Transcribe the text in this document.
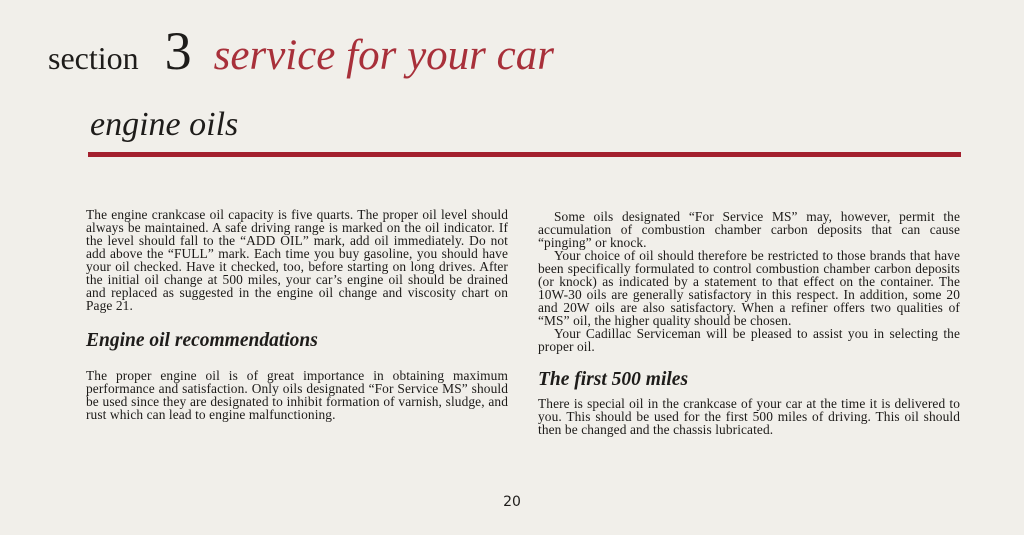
section 3 service for your car
engine oils

The engine crankcase oil capacity is five quarts. The proper oil level should always be maintained. A safe driving range is marked on the oil indicator. If the level should fall to the “ADD OIL” mark, add oil immediately. Do not add above the “FULL” mark. Each time you buy gasoline, you should have your oil checked. Have it checked, too, before starting on long drives. After the initial oil change at 500 miles, your car’s engine oil should be drained and replaced as suggested in the engine oil change and viscosity chart on Page 21.

Engine oil recommendations

The proper engine oil is of great importance in obtaining maximum performance and satisfaction. Only oils designated “For Service MS” should be used since they are designated to inhibit formation of varnish, sludge, and rust which can lead to engine malfunctioning.

Some oils designated “For Service MS” may, however, permit the accumulation of combustion chamber carbon deposits that can cause “pinging” or knock.

Your choice of oil should therefore be restricted to those brands that have been specifically formulated to control combustion chamber carbon deposits (or knock) as indicated by a statement to that effect on the container. The 10W-30 oils are generally satisfactory in this respect. In addition, some 20 and 20W oils are also satisfactory. When a refiner offers two qualities of “MS” oil, the higher quality should be chosen.

Your Cadillac Serviceman will be pleased to assist you in selecting the proper oil.

The first 500 miles

There is special oil in the crankcase of your car at the time it is delivered to you. This should be used for the first 500 miles of driving. This oil should then be changed and the chassis lubricated.

20
